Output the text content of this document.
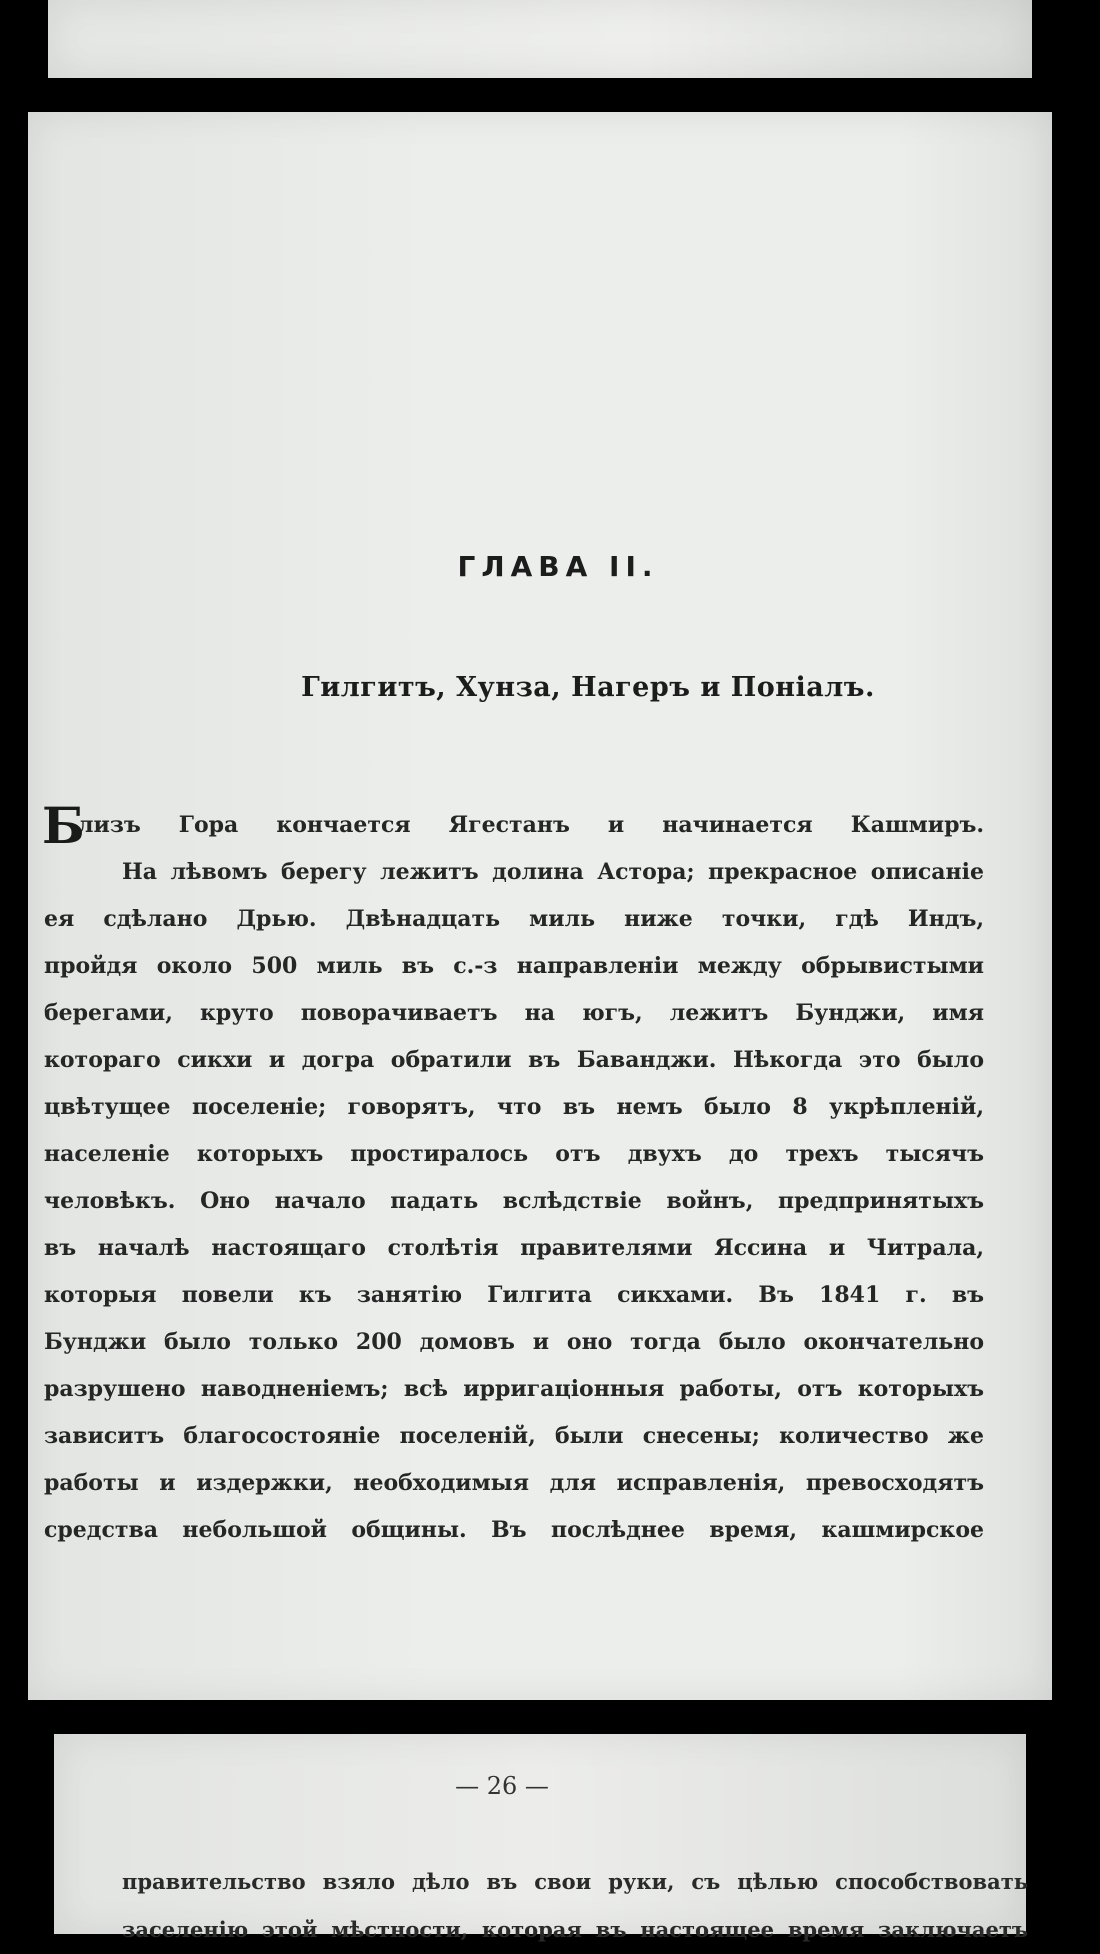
ГЛАВА II.
Гилгитъ, Хунза, Нагеръ и Поніалъ.
Б
лизъ Гора кончается Ягестанъ и начинается Кашмиръ.
На лѣвомъ берегу лежитъ долина Астора; прекрасное описаніе
ея сдѣлано Дрью. Двѣнадцать миль ниже точки, гдѣ Индъ,
пройдя около 500 миль въ с.-з направленіи между обрывистыми
берегами, круто поворачиваетъ на югъ, лежитъ Бунджи, имя
котораго сикхи и догра обратили въ Баванджи. Нѣкогда это было
цвѣтущее поселеніе; говорятъ, что въ немъ было 8 укрѣпленій,
населеніе которыхъ простиралось отъ двухъ до трехъ тысячъ
человѣкъ. Оно начало падать вслѣдствіе войнъ, предпринятыхъ
въ началѣ настоящаго столѣтія правителями Ясcина и Читрала,
которыя повели къ занятію Гилгита сикхами. Въ 1841 г. въ
Бунджи было только 200 домовъ и оно тогда было окончательно
разрушено наводненіемъ; всѣ ирригаціонныя работы, отъ которыхъ
зависитъ благосостояніе поселеній, были снесены; количество же
работы и издержки, необходимыя для исправленія, превосходятъ
средства небольшой общины. Въ послѣднее время, кашмирское
— 26 —
правительство взяло дѣло въ свои руки, съ цѣлью способствовать
заселенію этой мѣстности, которая въ настоящее время заключаетъ
